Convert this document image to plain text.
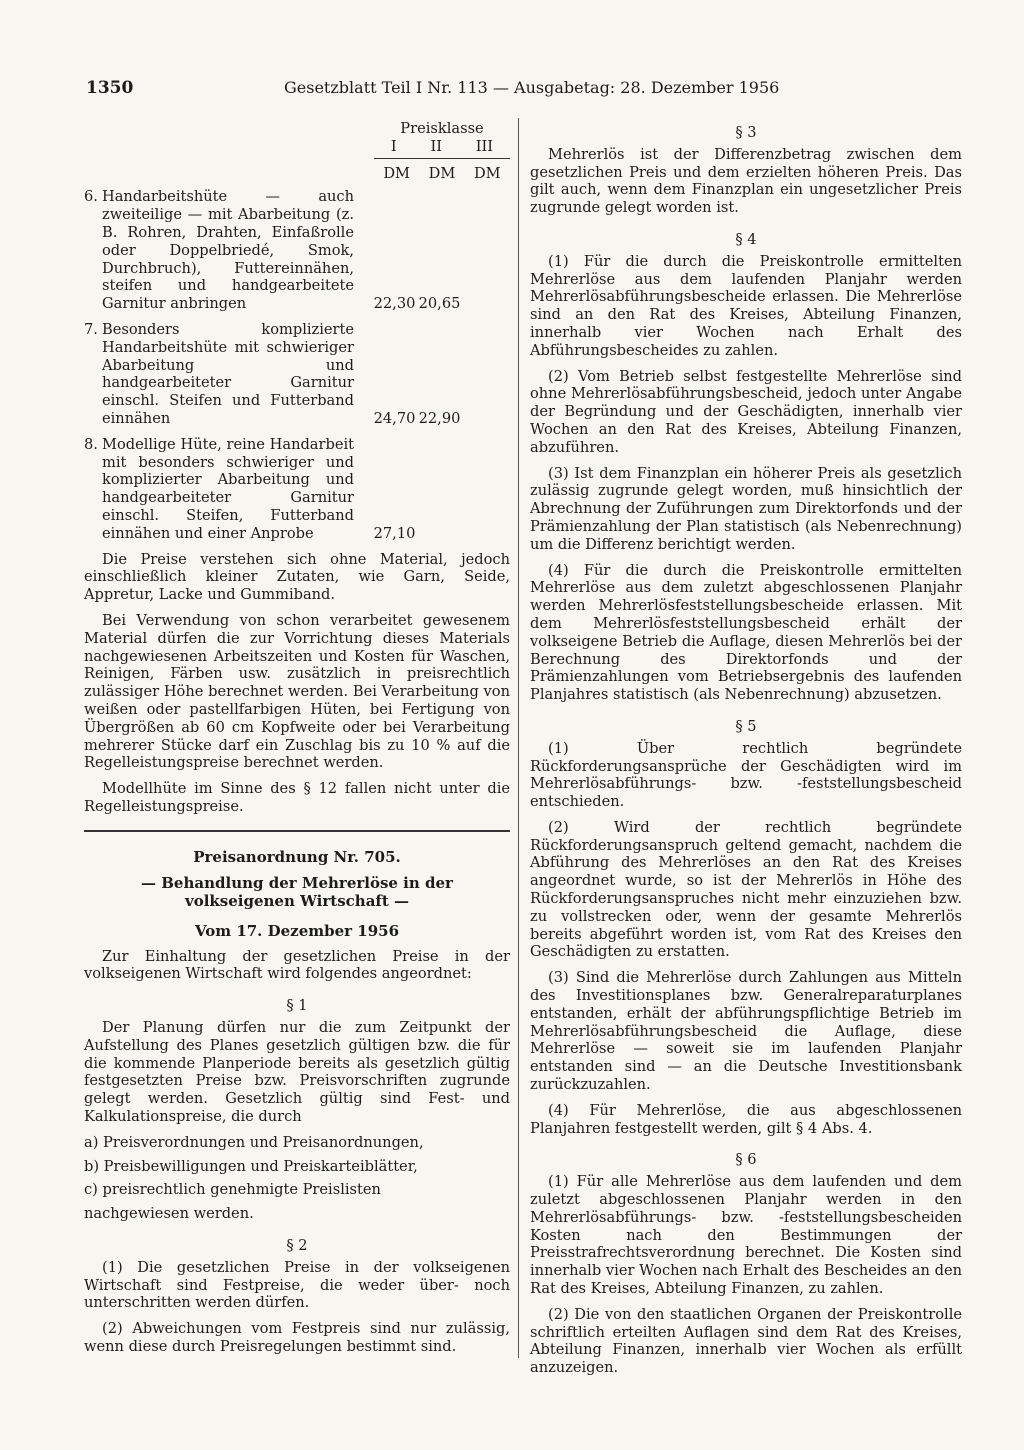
1350	Gesetzblatt Teil I Nr. 113 — Ausgabetag: 28. Dezember 1956
Preisklasse
I II III
DM DM DM
6. Handarbeitshüte — auch zweiteilige — mit Abarbeitung (z. B. Rohren, Drahten, Einfaßrolle oder Doppelbriedé, Smok, Durchbruch), Futtereinnähen, steifen und handgearbeitete Garnitur anbringen	22,30 20,65
7. Besonders komplizierte Handarbeitshüte mit schwieriger Abarbeitung und handgearbeiteter Garnitur einschl. Steifen und Futterband einnähen	24,70 22,90
8. Modellige Hüte, reine Handarbeit mit besonders schwieriger und komplizierter Abarbeitung und handgearbeiteter Garnitur einschl. Steifen, Futterband einnähen und einer Anprobe	27,10

Die Preise verstehen sich ohne Material, jedoch einschließlich kleiner Zutaten, wie Garn, Seide, Appretur, Lacke und Gummiband.

Bei Verwendung von schon verarbeitet gewesenem Material dürfen die zur Vorrichtung dieses Materials nachgewiesenen Arbeitszeiten und Kosten für Waschen, Reinigen, Färben usw. zusätzlich in preisrechtlich zulässiger Höhe berechnet werden. Bei Verarbeitung von weißen oder pastellfarbigen Hüten, bei Fertigung von Übergrößen ab 60 cm Kopfweite oder bei Verarbeitung mehrerer Stücke darf ein Zuschlag bis zu 10 % auf die Regelleistungspreise berechnet werden.

Modellhüte im Sinne des § 12 fallen nicht unter die Regelleistungspreise.

Preisanordnung Nr. 705.
— Behandlung der Mehrerlöse in der volkseigenen Wirtschaft —
Vom 17. Dezember 1956

Zur Einhaltung der gesetzlichen Preise in der volkseigenen Wirtschaft wird folgendes angeordnet:

§ 1

Der Planung dürfen nur die zum Zeitpunkt der Aufstellung des Planes gesetzlich gültigen bzw. die für die kommende Planperiode bereits als gesetzlich gültig festgesetzten Preise bzw. Preisvorschriften zugrunde gelegt werden. Gesetzlich gültig sind Fest- und Kalkulationspreise, die durch

a) Preisverordnungen und Preisanordnungen,

b) Preisbewilligungen und Preiskarteiblätter,

c) preisrechtlich genehmigte Preislisten

nachgewiesen werden.

§ 2

(1) Die gesetzlichen Preise in der volkseigenen Wirtschaft sind Festpreise, die weder über- noch unterschritten werden dürfen.

(2) Abweichungen vom Festpreis sind nur zulässig, wenn diese durch Preisregelungen bestimmt sind.

§ 3

Mehrerlös ist der Differenzbetrag zwischen dem gesetzlichen Preis und dem erzielten höheren Preis. Das gilt auch, wenn dem Finanzplan ein ungesetzlicher Preis zugrunde gelegt worden ist.

§ 4

(1) Für die durch die Preiskontrolle ermittelten Mehrerlöse aus dem laufenden Planjahr werden Mehrerlösabführungsbescheide erlassen. Die Mehrerlöse sind an den Rat des Kreises, Abteilung Finanzen, innerhalb vier Wochen nach Erhalt des Abführungsbescheides zu zahlen.

(2) Vom Betrieb selbst festgestellte Mehrerlöse sind ohne Mehrerlösabführungsbescheid, jedoch unter Angabe der Begründung und der Geschädigten, innerhalb vier Wochen an den Rat des Kreises, Abteilung Finanzen, abzuführen.

(3) Ist dem Finanzplan ein höherer Preis als gesetzlich zulässig zugrunde gelegt worden, muß hinsichtlich der Abrechnung der Zuführungen zum Direktorfonds und der Prämienzahlung der Plan statistisch (als Nebenrechnung) um die Differenz berichtigt werden.

(4) Für die durch die Preiskontrolle ermittelten Mehrerlöse aus dem zuletzt abgeschlossenen Planjahr werden Mehrerlösfeststellungsbescheide erlassen. Mit dem Mehrerlösfeststellungsbescheid erhält der volkseigene Betrieb die Auflage, diesen Mehrerlös bei der Berechnung des Direktorfonds und der Prämienzahlungen vom Betriebsergebnis des laufenden Planjahres statistisch (als Nebenrechnung) abzusetzen.

§ 5

(1) Über rechtlich begründete Rückforderungsansprüche der Geschädigten wird im Mehrerlösabführungs- bzw. -feststellungsbescheid entschieden.

(2) Wird der rechtlich begründete Rückforderungsanspruch geltend gemacht, nachdem die Abführung des Mehrerlöses an den Rat des Kreises angeordnet wurde, so ist der Mehrerlös in Höhe des Rückforderungsanspruches nicht mehr einzuziehen bzw. zu vollstrecken oder, wenn der gesamte Mehrerlös bereits abgeführt worden ist, vom Rat des Kreises den Geschädigten zu erstatten.

(3) Sind die Mehrerlöse durch Zahlungen aus Mitteln des Investitionsplanes bzw. Generalreparaturplanes entstanden, erhält der abführungspflichtige Betrieb im Mehrerlösabführungsbescheid die Auflage, diese Mehrerlöse — soweit sie im laufenden Planjahr entstanden sind — an die Deutsche Investitionsbank zurückzuzahlen.

(4) Für Mehrerlöse, die aus abgeschlossenen Planjahren festgestellt werden, gilt § 4 Abs. 4.

§ 6

(1) Für alle Mehrerlöse aus dem laufenden und dem zuletzt abgeschlossenen Planjahr werden in den Mehrerlösabführungs- bzw. -feststellungsbescheiden Kosten nach den Bestimmungen der Preisstrafrechtsverordnung berechnet. Die Kosten sind innerhalb vier Wochen nach Erhalt des Bescheides an den Rat des Kreises, Abteilung Finanzen, zu zahlen.

(2) Die von den staatlichen Organen der Preiskontrolle schriftlich erteilten Auflagen sind dem Rat des Kreises, Abteilung Finanzen, innerhalb vier Wochen als erfüllt anzuzeigen.
